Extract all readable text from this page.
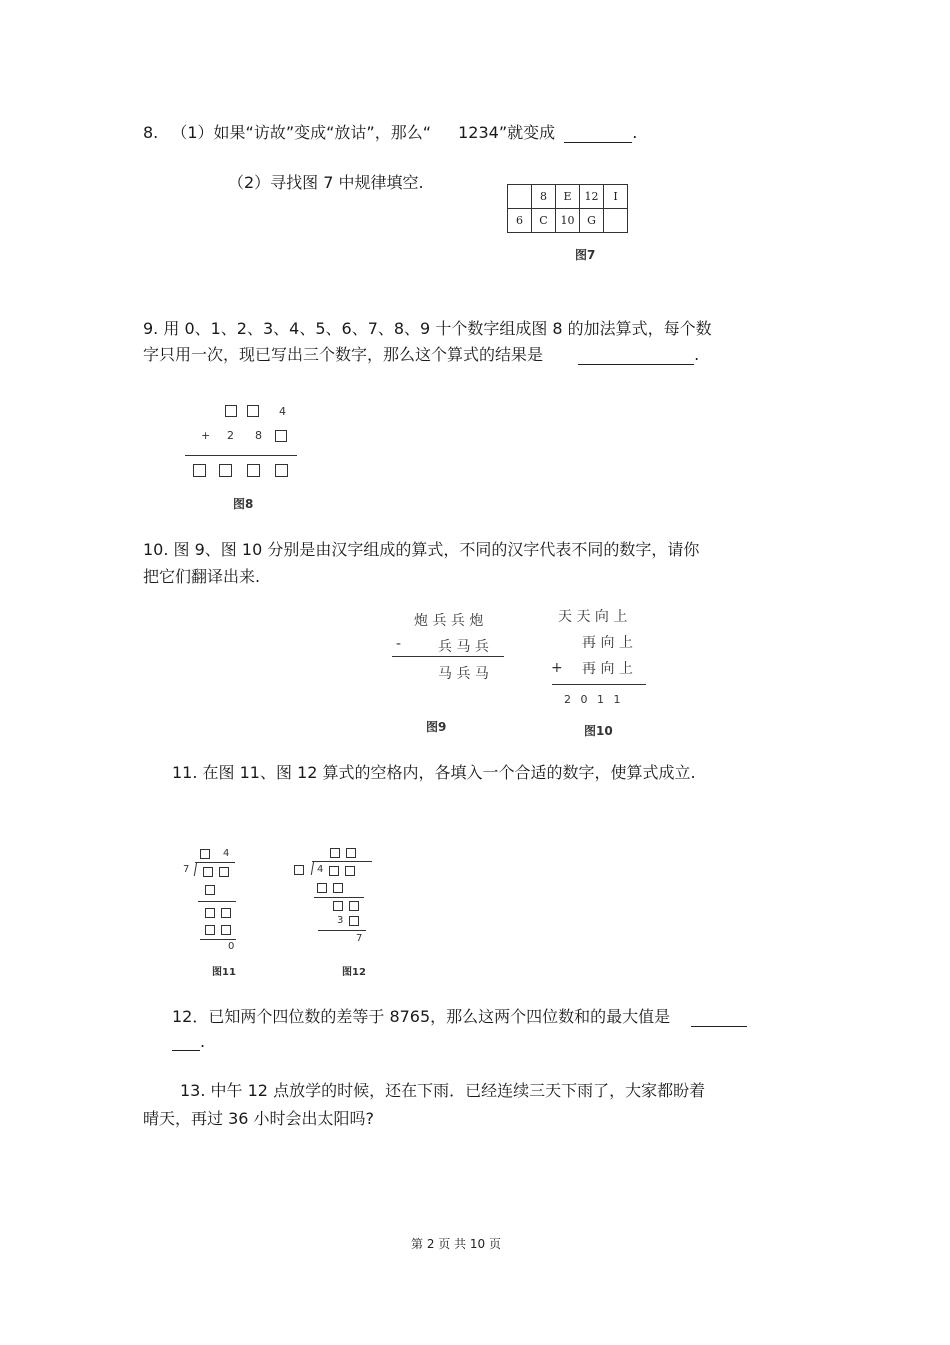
8. （1）如果“访故”变成“放诂”，那么“ 1234”就变成	.
（2）寻找图 7 中规律填空.
	8	E	12	I
6	C	10	G	
图7
9. 用 0、1、2、3、4、5、6、7、8、9 十个数字组成图 8 的加法算式，每个数
字只用一次，现已写出三个数字，那么这个算式的结果是	.
4
+ 2 8
图8
10. 图 9、图 10 分别是由汉字组成的算式，不同的汉字代表不同的数字，请你
把它们翻译出来.
炮 兵 兵 炮
-	兵 马 兵
马 兵 马
图9
天 天 向 上
再 向 上
+ 再 向 上
2 0 1 1
图10
11. 在图 11、图 12 算式的空格内，各填入一个合适的数字，使算式成立.
4
7
0
图11
4
3
7
图12
12．已知两个四位数的差等于 8765，那么这两个四位数和的最大值是
.
13. 中午 12 点放学的时候，还在下雨．已经连续三天下雨了，大家都盼着
晴天，再过 36 小时会出太阳吗?
第 2 页 共 10 页
